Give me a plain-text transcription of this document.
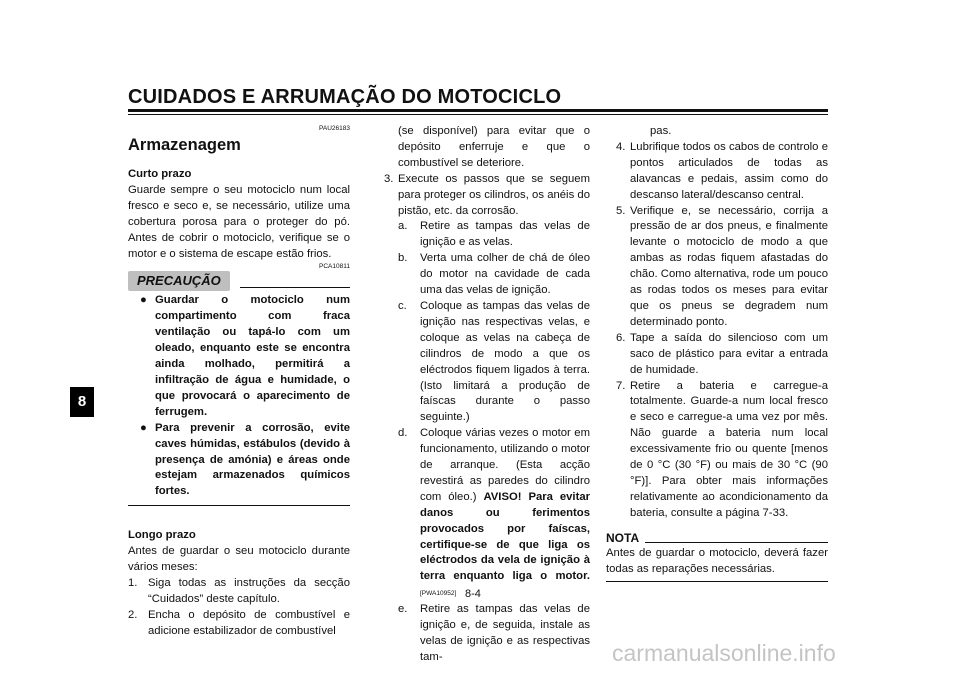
CUIDADOS E ARRUMAÇÃO DO MOTOCICLO
8

PAU26183

Armazenagem
Curto prazo

Guarde sempre o seu motociclo num local fresco e seco e, se necessário, utilize uma cobertura porosa para o proteger do pó. Antes de cobrir o motociclo, verifique se o motor e o sistema de escape estão frios.

PCA10811

PRECAUÇÃO
● Guardar o motociclo num compartimento com fraca ventilação ou tapá-lo com um oleado, enquanto este se encontra ainda molhado, permitirá a infiltração de água e humidade, o que provocará o aparecimento de ferrugem.
● Para prevenir a corrosão, evite caves húmidas, estábulos (devido à presença de amónia) e áreas onde estejam armazenados químicos fortes.
Longo prazo

Antes de guardar o seu motociclo durante vários meses:

1. Siga todas as instruções da secção “Cuidados” deste capítulo.
2. Encha o depósito de combustível e adicione estabilizador de combustível

(se disponível) para evitar que o depósito enferruje e que o combustível se deteriore.

3. Execute os passos que se seguem para proteger os cilindros, os anéis do pistão, etc. da corrosão.
a. Retire as tampas das velas de ignição e as velas.
b. Verta uma colher de chá de óleo do motor na cavidade de cada uma das velas de ignição.
c. Coloque as tampas das velas de ignição nas respectivas velas, e coloque as velas na cabeça de cilindros de modo a que os eléctrodos fiquem ligados à terra. (Isto limitará a produção de faíscas durante o passo seguinte.)
d. Coloque várias vezes o motor em funcionamento, utilizando o motor de arranque. (Esta acção revestirá as paredes do cilindro com óleo.) AVISO! Para evitar danos ou ferimentos provocados por faíscas, certifique-se de que liga os eléctrodos da vela de ignição à terra enquanto liga o motor.[PWA10952]
e. Retire as tampas das velas de ignição e, de seguida, instale as velas de ignição e as respectivas tam-

pas.

4. Lubrifique todos os cabos de controlo e pontos articulados de todas as alavancas e pedais, assim como do descanso lateral/descanso central.
5. Verifique e, se necessário, corrija a pressão de ar dos pneus, e finalmente levante o motociclo de modo a que ambas as rodas fiquem afastadas do chão. Como alternativa, rode um pouco as rodas todos os meses para evitar que os pneus se degradem num determinado ponto.
6. Tape a saída do silencioso com um saco de plástico para evitar a entrada de humidade.
7. Retire a bateria e carregue-a totalmente. Guarde-a num local fresco e seco e carregue-a uma vez por mês. Não guarde a bateria num local excessivamente frio ou quente [menos de 0 °C (30 °F) ou mais de 30 °C (90 °F)]. Para obter mais informações relativamente ao acondicionamento da bateria, consulte a página 7-33.
NOTA

Antes de guardar o motociclo, deverá fazer todas as reparações necessárias.

8-4
carmanualsonline.info
